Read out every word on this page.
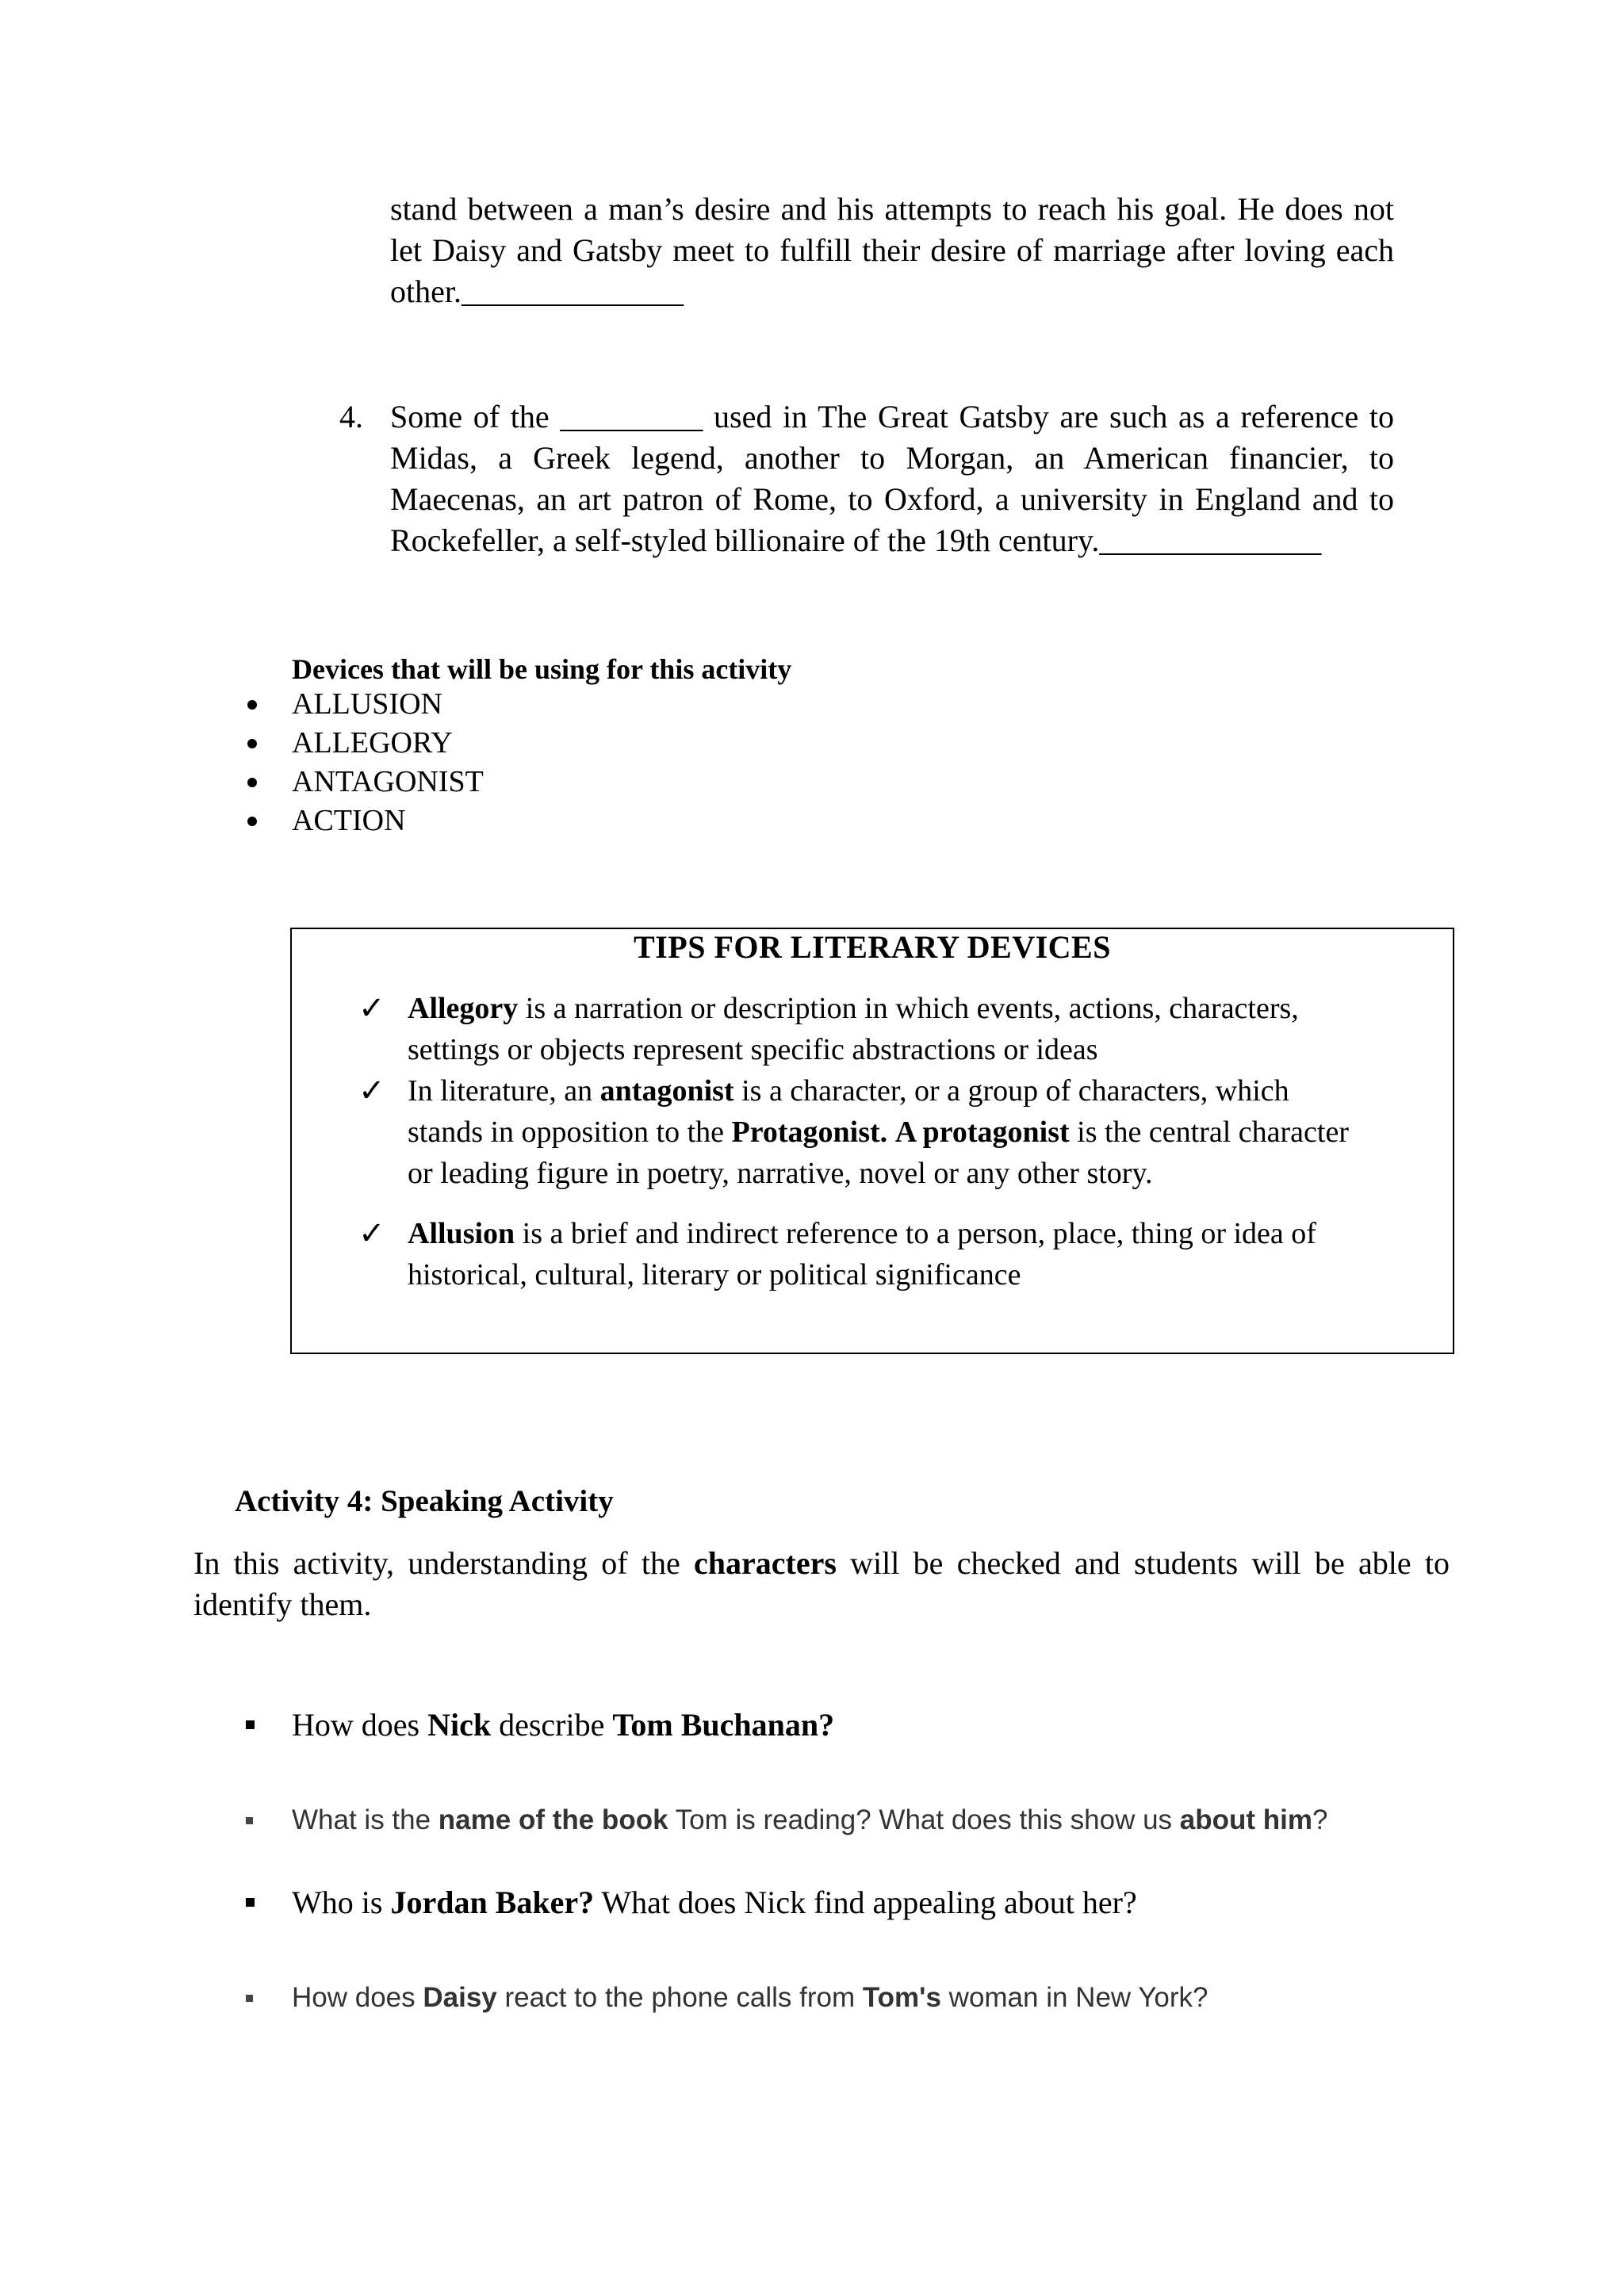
stand between a man’s desire and his attempts to reach his goal. He does not
let Daisy and Gatsby meet to fulfill their desire of marriage after loving each
other.______________
4. Some of the _________ used in The Great Gatsby are such as a reference to
Midas, a Greek legend, another to Morgan, an American financier, to
Maecenas, an art patron of Rome, to Oxford, a university in England and to
Rockefeller, a self-styled billionaire of the 19th century.______________
Devices that will be using for this activity
ALLUSION
ALLEGORY
ANTAGONIST
ACTION
TIPS FOR LITERARY DEVICES
✓ Allegory is a narration or description in which events, actions, characters,
settings or objects represent specific abstractions or ideas
✓ In literature, an antagonist is a character, or a group of characters, which
stands in opposition to the Protagonist. A protagonist is the central character
or leading figure in poetry, narrative, novel or any other story.
✓ Allusion is a brief and indirect reference to a person, place, thing or idea of
historical, cultural, literary or political significance
Activity 4: Speaking Activity
In this activity, understanding of the characters will be checked and students will be able to
identify them.
How does Nick describe Tom Buchanan?
What is the name of the book Tom is reading? What does this show us about him?
Who is Jordan Baker? What does Nick find appealing about her?
How does Daisy react to the phone calls from Tom's woman in New York?
